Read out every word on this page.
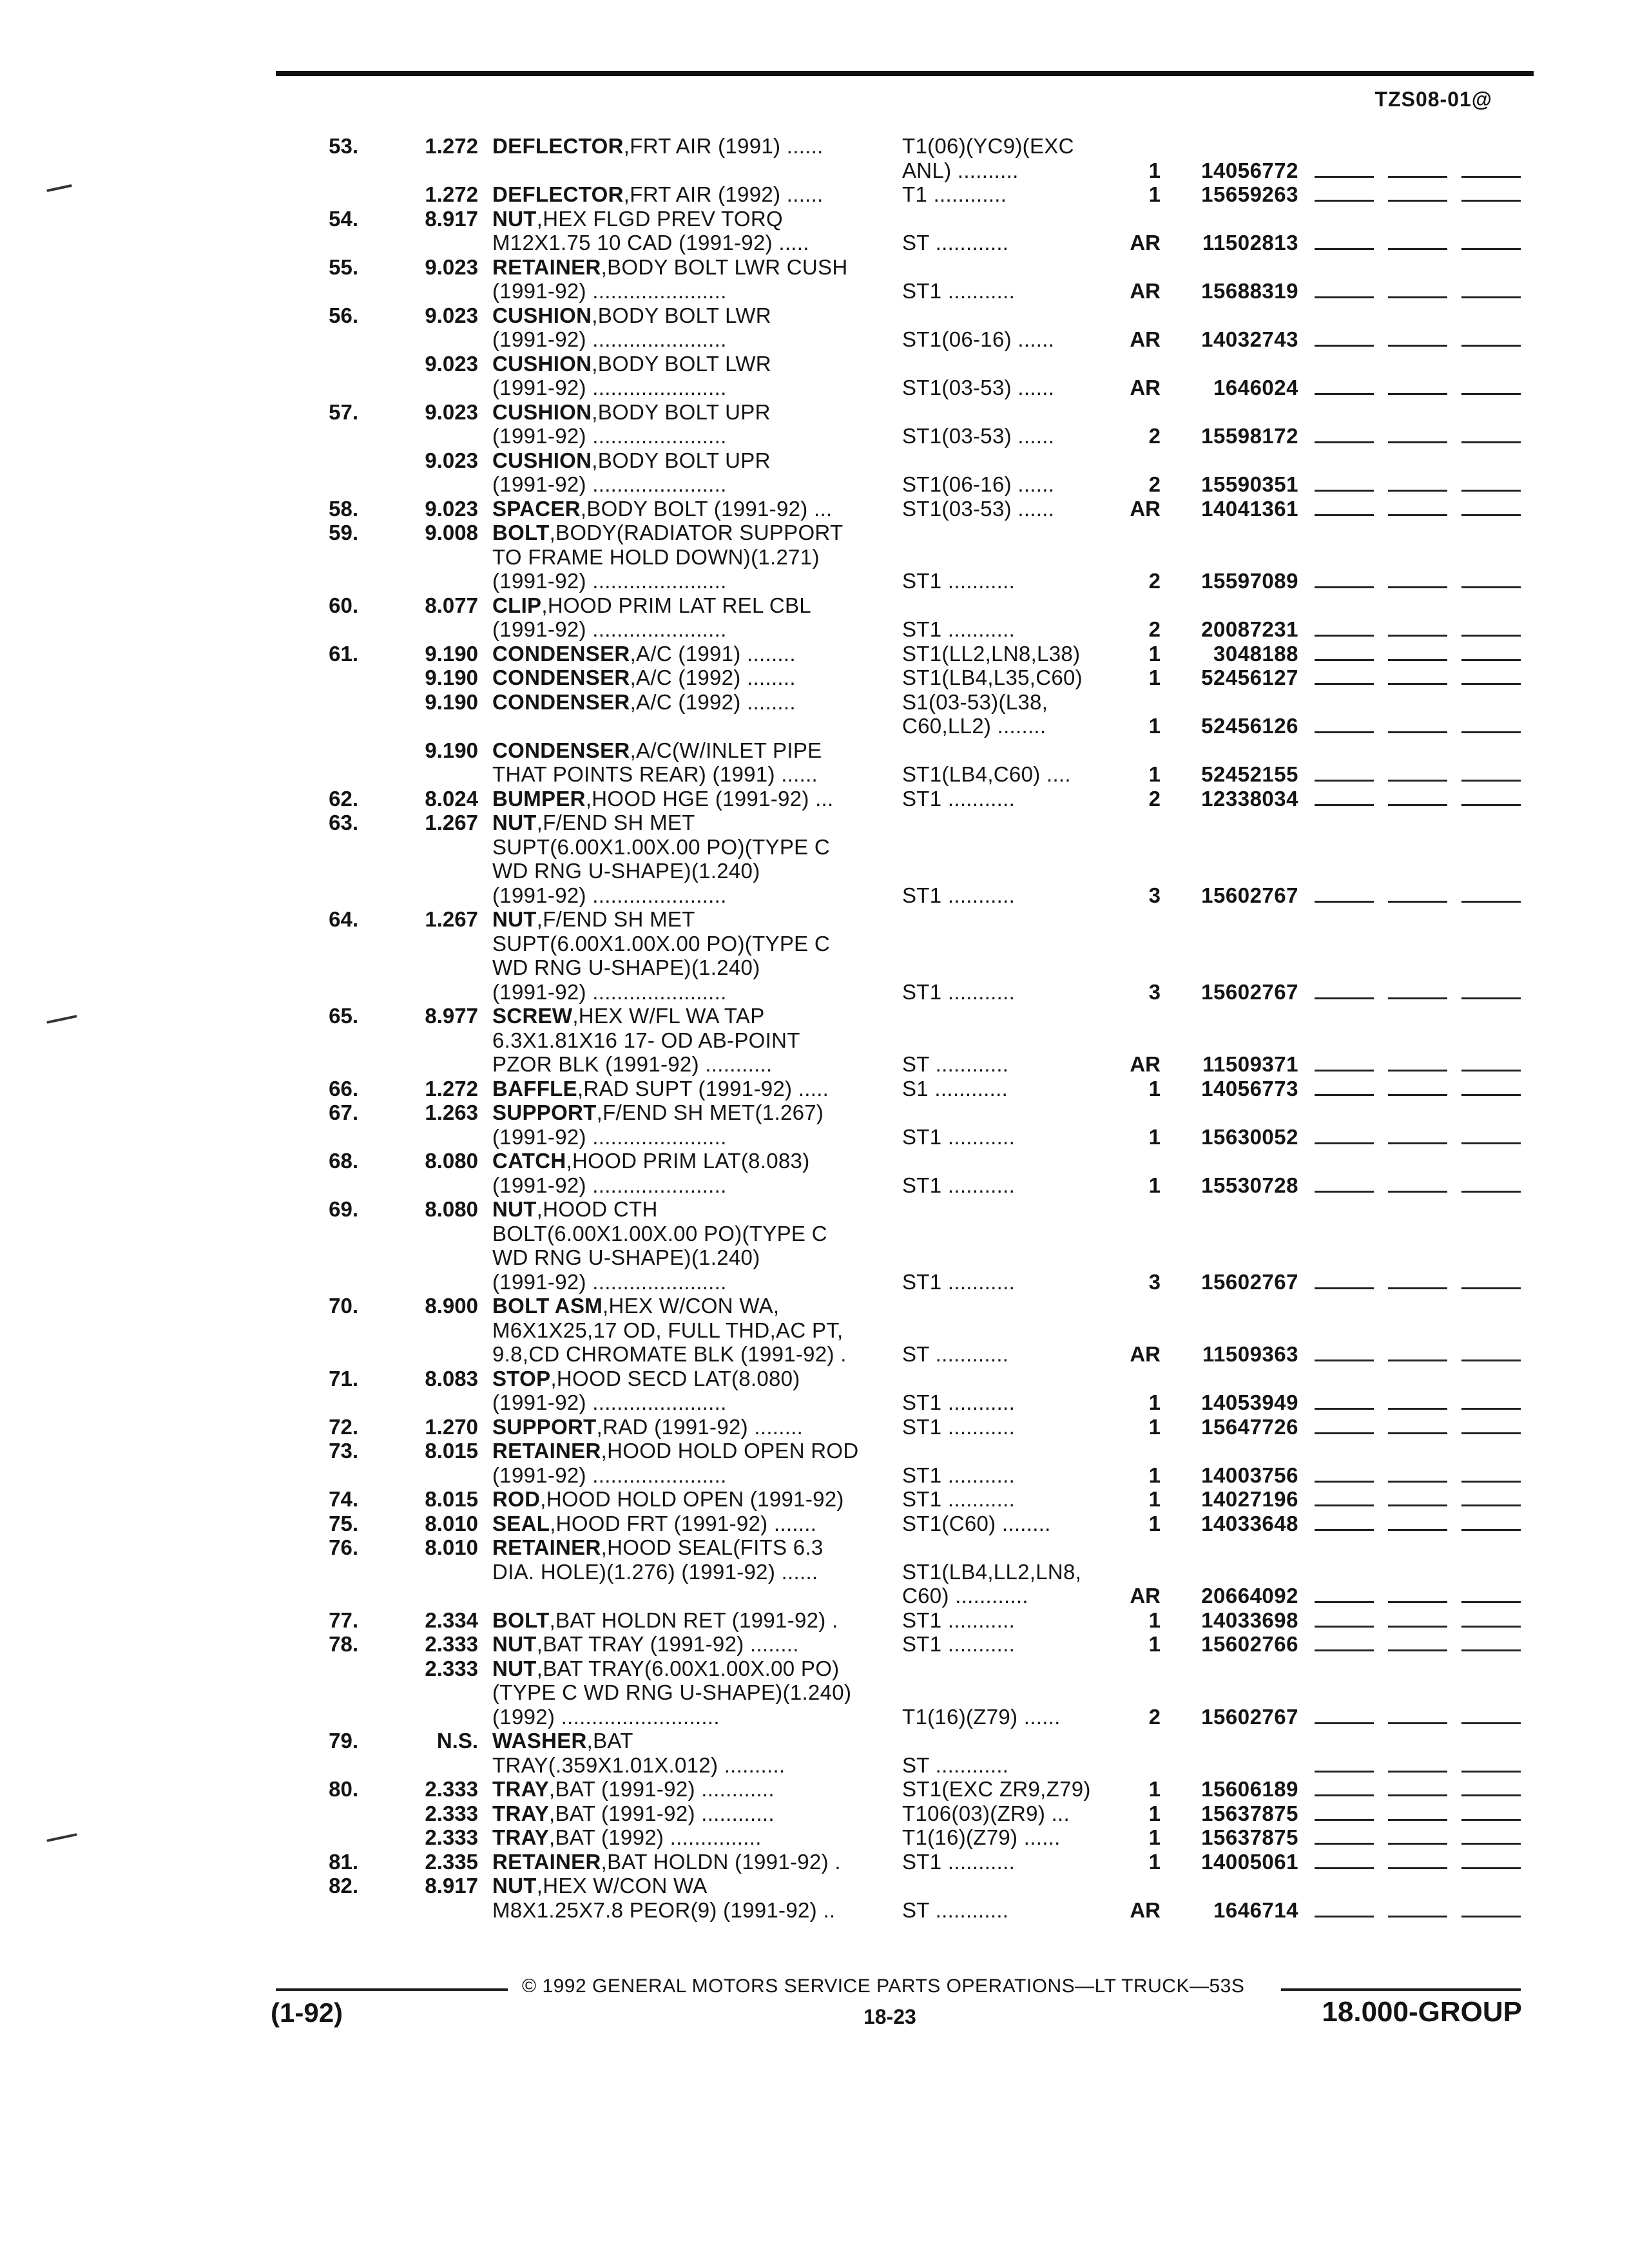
TZS08-01@
53.	1.272 DEFLECTOR,FRT AIR (1991) ......	T1(06)(YC9)(EXC
ANL) ..........	1 14056772
1.272 DEFLECTOR,FRT AIR (1992) ......	T1 ............	1 15659263
54.	8.917 NUT,HEX FLGD PREV TORQ
M12X1.75 10 CAD (1991-92) .....	ST ............	AR 11502813
55.	9.023 RETAINER,BODY BOLT LWR CUSH
(1991-92) ......................	ST1 ...........	AR 15688319
56.	9.023 CUSHION,BODY BOLT LWR
(1991-92) ......................	ST1(06-16) ......	AR 14032743
9.023 CUSHION,BODY BOLT LWR
(1991-92) ......................	ST1(03-53) ......	AR 1646024
57.	9.023 CUSHION,BODY BOLT UPR
(1991-92) ......................	ST1(03-53) ......	2 15598172
9.023 CUSHION,BODY BOLT UPR
(1991-92) ......................	ST1(06-16) ......	2 15590351
58.	9.023 SPACER,BODY BOLT (1991-92) ...	ST1(03-53) ......	AR 14041361
59.	9.008 BOLT,BODY(RADIATOR SUPPORT
TO FRAME HOLD DOWN)(1.271)
(1991-92) ......................	ST1 ...........	2 15597089
60.	8.077 CLIP,HOOD PRIM LAT REL CBL
(1991-92) ......................	ST1 ...........	2 20087231
61.	9.190 CONDENSER,A/C (1991) ........	ST1(LL2,LN8,L38)	1 3048188
9.190 CONDENSER,A/C (1992) ........	ST1(LB4,L35,C60)	1 52456127
9.190 CONDENSER,A/C (1992) ........	S1(03-53)(L38,
C60,LL2) ........	1 52456126
9.190 CONDENSER,A/C(W/INLET PIPE
THAT POINTS REAR) (1991) ......	ST1(LB4,C60) ....	1 52452155
62.	8.024 BUMPER,HOOD HGE (1991-92) ...	ST1 ...........	2 12338034
63.	1.267 NUT,F/END SH MET
SUPT(6.00X1.00X.00 PO)(TYPE C
WD RNG U-SHAPE)(1.240)
(1991-92) ......................	ST1 ...........	3 15602767
64.	1.267 NUT,F/END SH MET
SUPT(6.00X1.00X.00 PO)(TYPE C
WD RNG U-SHAPE)(1.240)
(1991-92) ......................	ST1 ...........	3 15602767
65.	8.977 SCREW,HEX W/FL WA TAP
6.3X1.81X16 17- OD AB-POINT
PZOR BLK (1991-92) ...........	ST ............	AR 11509371
66.	1.272 BAFFLE,RAD SUPT (1991-92) .....	S1 ............	1 14056773
67.	1.263 SUPPORT,F/END SH MET(1.267)
(1991-92) ......................	ST1 ...........	1 15630052
68.	8.080 CATCH,HOOD PRIM LAT(8.083)
(1991-92) ......................	ST1 ...........	1 15530728
69.	8.080 NUT,HOOD CTH
BOLT(6.00X1.00X.00 PO)(TYPE C
WD RNG U-SHAPE)(1.240)
(1991-92) ......................	ST1 ...........	3 15602767
70.	8.900 BOLT ASM,HEX W/CON WA,
M6X1X25,17 OD, FULL THD,AC PT,
9.8,CD CHROMATE BLK (1991-92) .	ST ............	AR 11509363
71.	8.083 STOP,HOOD SECD LAT(8.080)
(1991-92) ......................	ST1 ...........	1 14053949
72.	1.270 SUPPORT,RAD (1991-92) ........	ST1 ...........	1 15647726
73.	8.015 RETAINER,HOOD HOLD OPEN ROD
(1991-92) ......................	ST1 ...........	1 14003756
74.	8.015 ROD,HOOD HOLD OPEN (1991-92)	ST1 ...........	1 14027196
75.	8.010 SEAL,HOOD FRT (1991-92) .......	ST1(C60) ........	1 14033648
76.	8.010 RETAINER,HOOD SEAL(FITS 6.3
DIA. HOLE)(1.276) (1991-92) ......	ST1(LB4,LL2,LN8,
C60) ............	AR 20664092
77.	2.334 BOLT,BAT HOLDN RET (1991-92) .	ST1 ...........	1 14033698
78.	2.333 NUT,BAT TRAY (1991-92) ........	ST1 ...........	1 15602766
2.333 NUT,BAT TRAY(6.00X1.00X.00 PO)
(TYPE C WD RNG U-SHAPE)(1.240)
(1992) ..........................	T1(16)(Z79) ......	2 15602767
79.	N.S. WASHER,BAT
TRAY(.359X1.01X.012) ..........	ST ............
80.	2.333 TRAY,BAT (1991-92) ............	ST1(EXC ZR9,Z79)	1 15606189
2.333 TRAY,BAT (1991-92) ............	T106(03)(ZR9) ...	1 15637875
2.333 TRAY,BAT (1992) ...............	T1(16)(Z79) ......	1 15637875
81.	2.335 RETAINER,BAT HOLDN (1991-92) .	ST1 ...........	1 14005061
82.	8.917 NUT,HEX W/CON WA
M8X1.25X7.8 PEOR(9) (1991-92) ..	ST ............	AR 1646714
© 1992 GENERAL MOTORS SERVICE PARTS OPERATIONS—LT TRUCK—53S
(1-92)	18-23	18.000-GROUP
